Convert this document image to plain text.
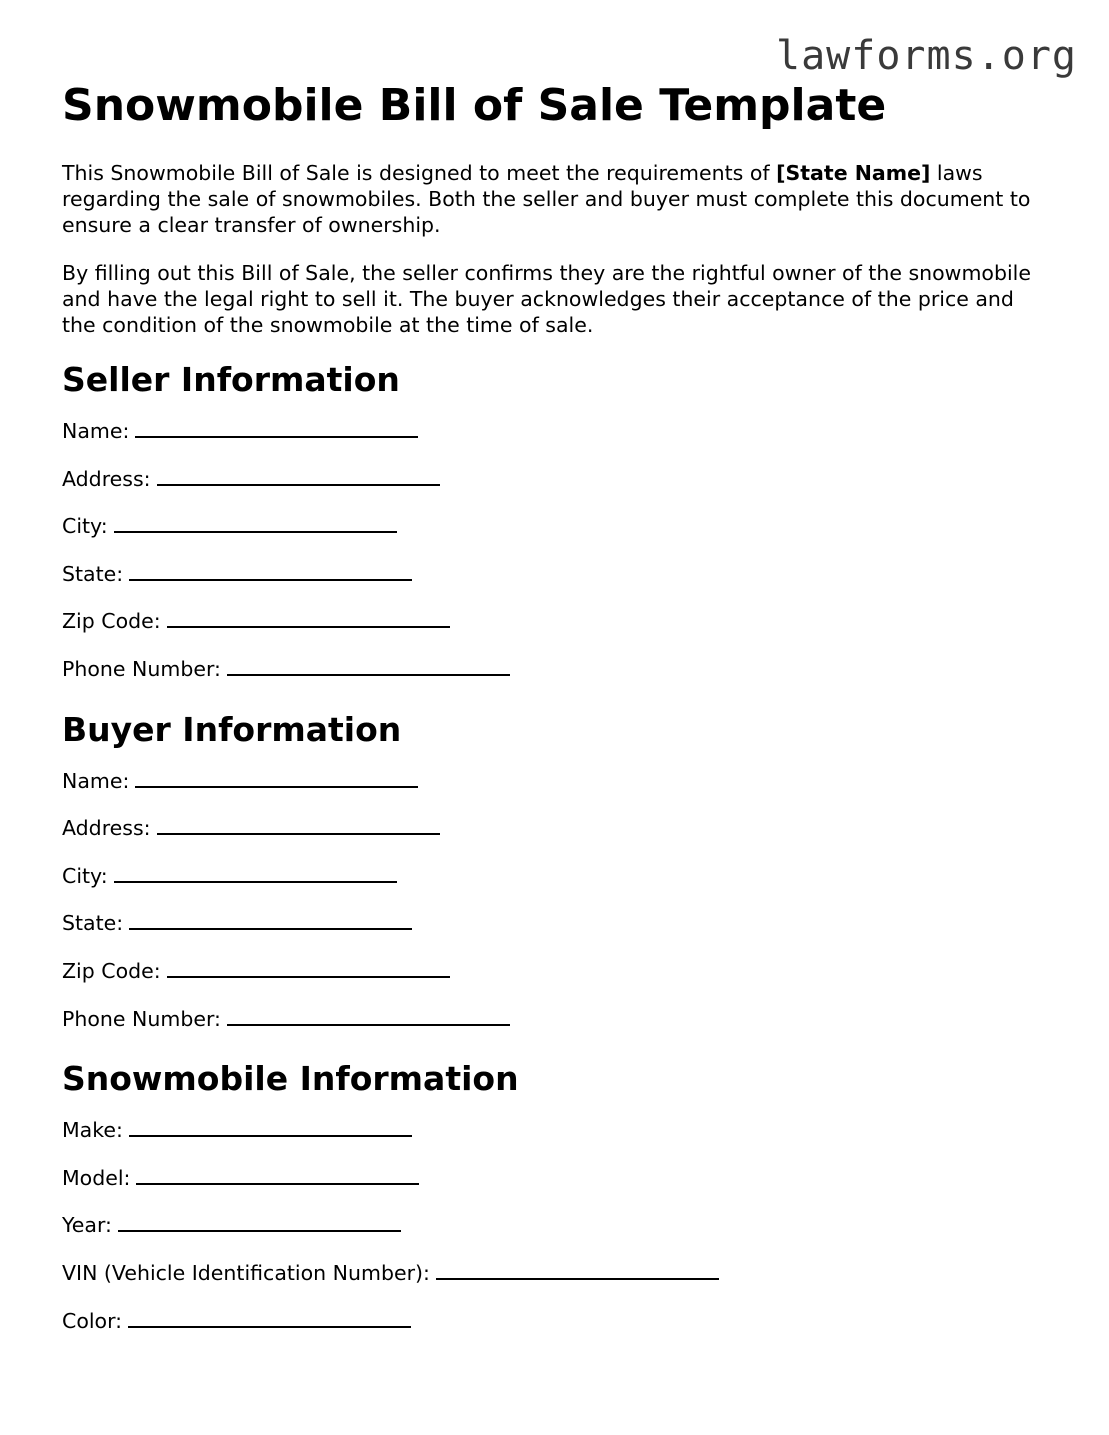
lawforms.org
Snowmobile Bill of Sale Template

This Snowmobile Bill of Sale is designed to meet the requirements of [State Name] laws regarding the sale of snowmobiles. Both the seller and buyer must complete this document to ensure a clear transfer of ownership.

By filling out this Bill of Sale, the seller confirms they are the rightful owner of the snowmobile and have the legal right to sell it. The buyer acknowledges their acceptance of the price and the condition of the snowmobile at the time of sale.

Seller Information
Name:
Address:
City:
State:
Zip Code:
Phone Number:
Buyer Information
Name:
Address:
City:
State:
Zip Code:
Phone Number:
Snowmobile Information
Make:
Model:
Year:
VIN (Vehicle Identification Number):
Color:
